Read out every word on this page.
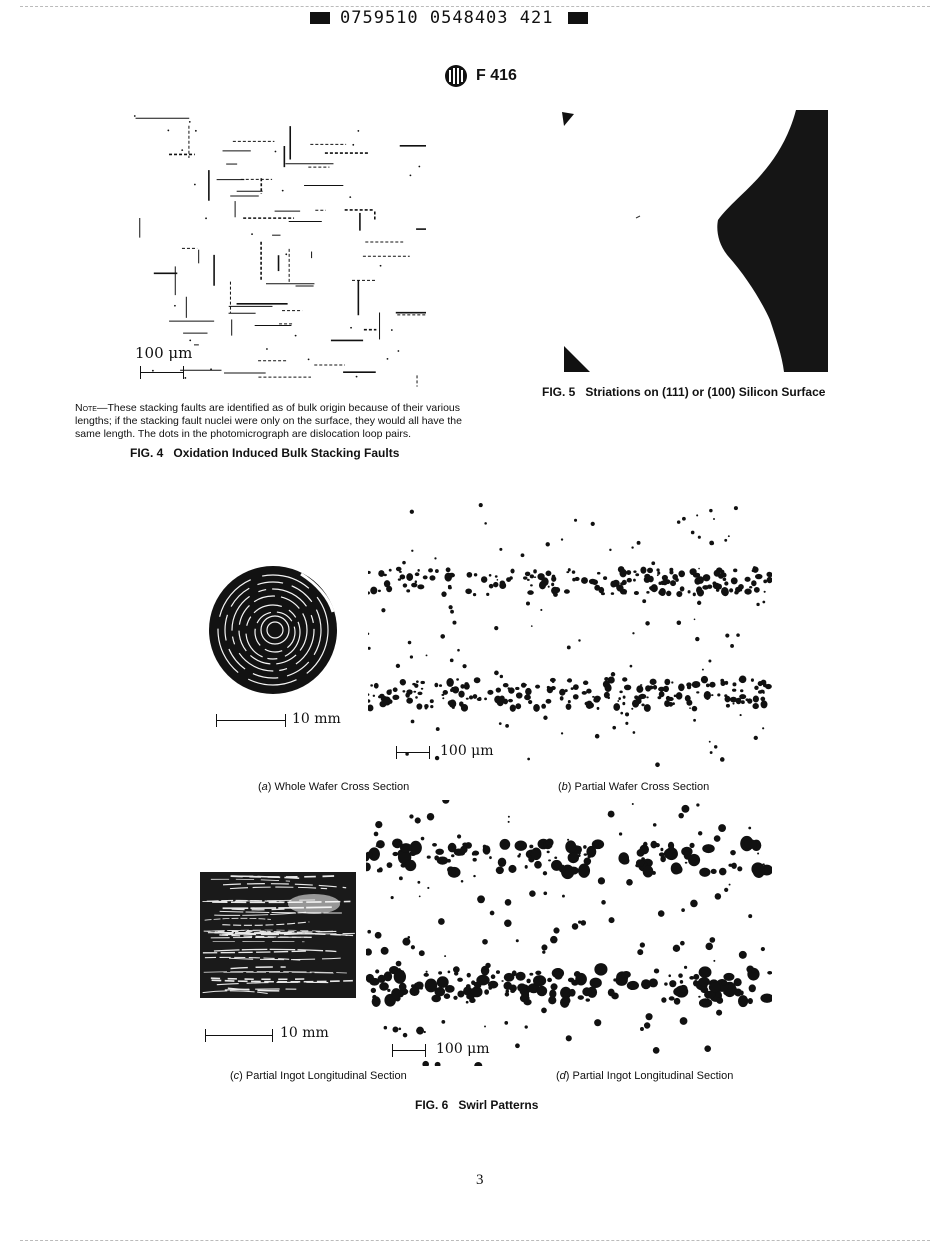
0759510 0548403 421
F 416
100 μm
Note—These stacking faults are identified as of bulk origin because of their various lengths; if the stacking fault nuclei were only on the surface, they would all have the same length. The dots in the photomicrograph are dislocation loop pairs.
FIG. 4 Oxidation Induced Bulk Stacking Faults
FIG. 5 Striations on (111) or (100) Silicon Surface
10 mm
100 μm
(a) Whole Wafer Cross Section	(b) Partial Wafer Cross Section
10 mm
100 μm
(c) Partial Ingot Longitudinal Section	(d) Partial Ingot Longitudinal Section
FIG. 6 Swirl Patterns
3
